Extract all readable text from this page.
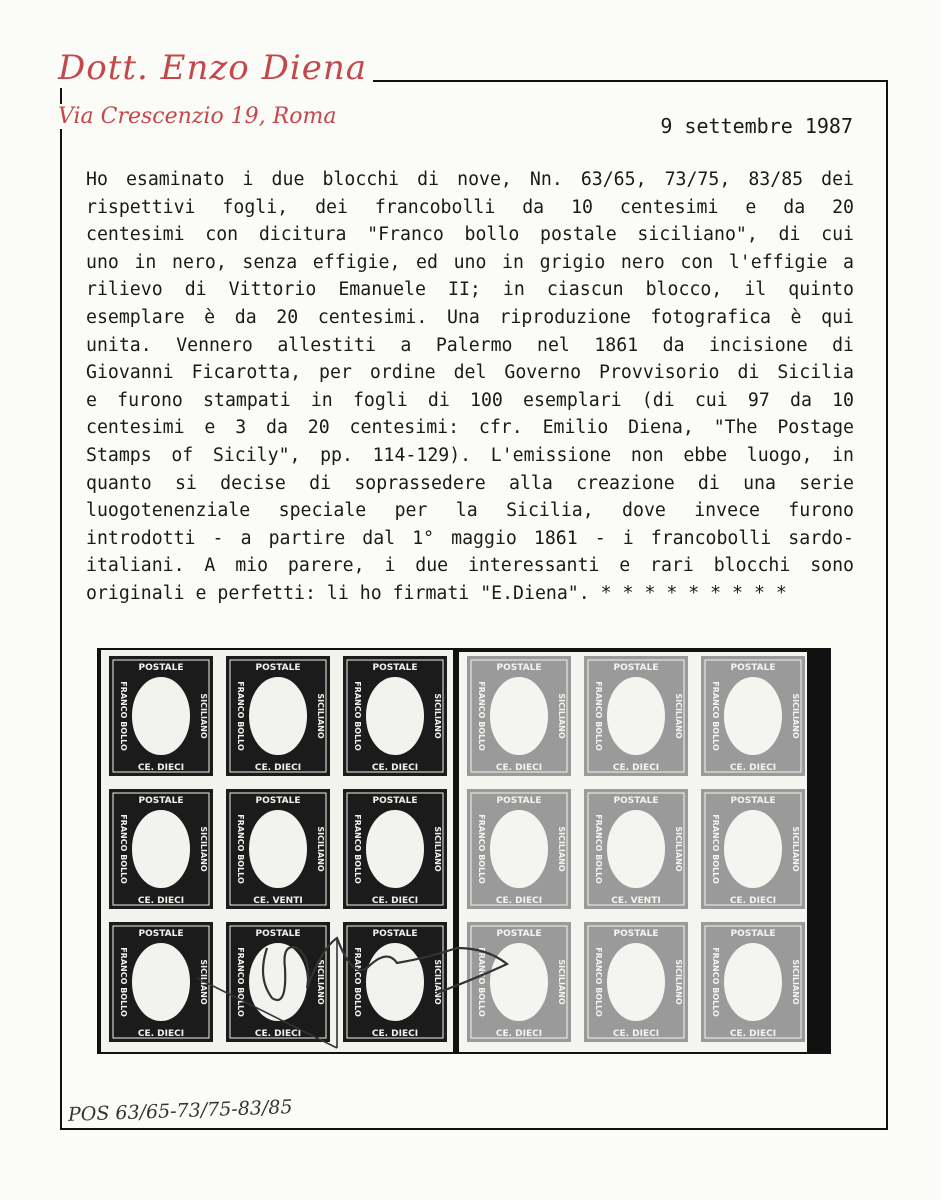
Dott. Enzo Diena
Via Crescenzio 19, Roma	9 settembre 1987
Ho esaminato i due blocchi di nove, Nn. 63/65, 73/75, 83/85 dei
rispettivi fogli, dei francobolli da 10 centesimi e da 20
centesimi con dicitura "Franco bollo postale siciliano", di cui
uno in nero, senza effigie, ed uno in grigio nero con l'effigie a
rilievo di Vittorio Emanuele II; in ciascun blocco, il quinto
esemplare è da 20 centesimi. Una riproduzione fotografica è qui
unita. Vennero allestiti a Palermo nel 1861 da incisione di
Giovanni Ficarotta, per ordine del Governo Provvisorio di Sicilia
e furono stampati in fogli di 100 esemplari (di cui 97 da 10
centesimi e 3 da 20 centesimi: cfr. Emilio Diena, "The Postage
Stamps of Sicily", pp. 114-129). L'emissione non ebbe luogo, in
quanto si decise di soprassedere alla creazione di una serie
luogotenenziale speciale per la Sicilia, dove invece furono
introdotti - a partire dal 1° maggio 1861 - i francobolli sardo-
italiani. A mio parere, i due interessanti e rari blocchi sono
originali e perfetti: li ho firmati "E.Diena". * * * * * * * * *
POSTALE
CE. DIECI
FRANCO BOLLO	SICILIANO
POSTALE
CE. DIECI
FRANCO BOLLO	SICILIANO
POSTALE
CE. DIECI
FRANCO BOLLO	SICILIANO
POSTALE
CE. DIECI
FRANCO BOLLO	SICILIANO
POSTALE
CE. VENTI
FRANCO BOLLO	SICILIANO
POSTALE
CE. DIECI
FRANCO BOLLO	SICILIANO
POSTALE
CE. DIECI
FRANCO BOLLO	SICILIANO
POSTALE
CE. DIECI
FRANCO BOLLO	SICILIANO
POSTALE
CE. DIECI
FRANCO BOLLO	SICILIANO
POSTALE
CE. DIECI
FRANCO BOLLO	SICILIANO
POSTALE
CE. DIECI
FRANCO BOLLO	SICILIANO
POSTALE
CE. DIECI
FRANCO BOLLO	SICILIANO
POSTALE
CE. DIECI
FRANCO BOLLO	SICILIANO
POSTALE
CE. VENTI
FRANCO BOLLO	SICILIANO
POSTALE
CE. DIECI
FRANCO BOLLO	SICILIANO
POSTALE
CE. DIECI
FRANCO BOLLO	SICILIANO
POSTALE
CE. DIECI
FRANCO BOLLO	SICILIANO
POSTALE
CE. DIECI
FRANCO BOLLO	SICILIANO
POS 63/65-73/75-83/85
